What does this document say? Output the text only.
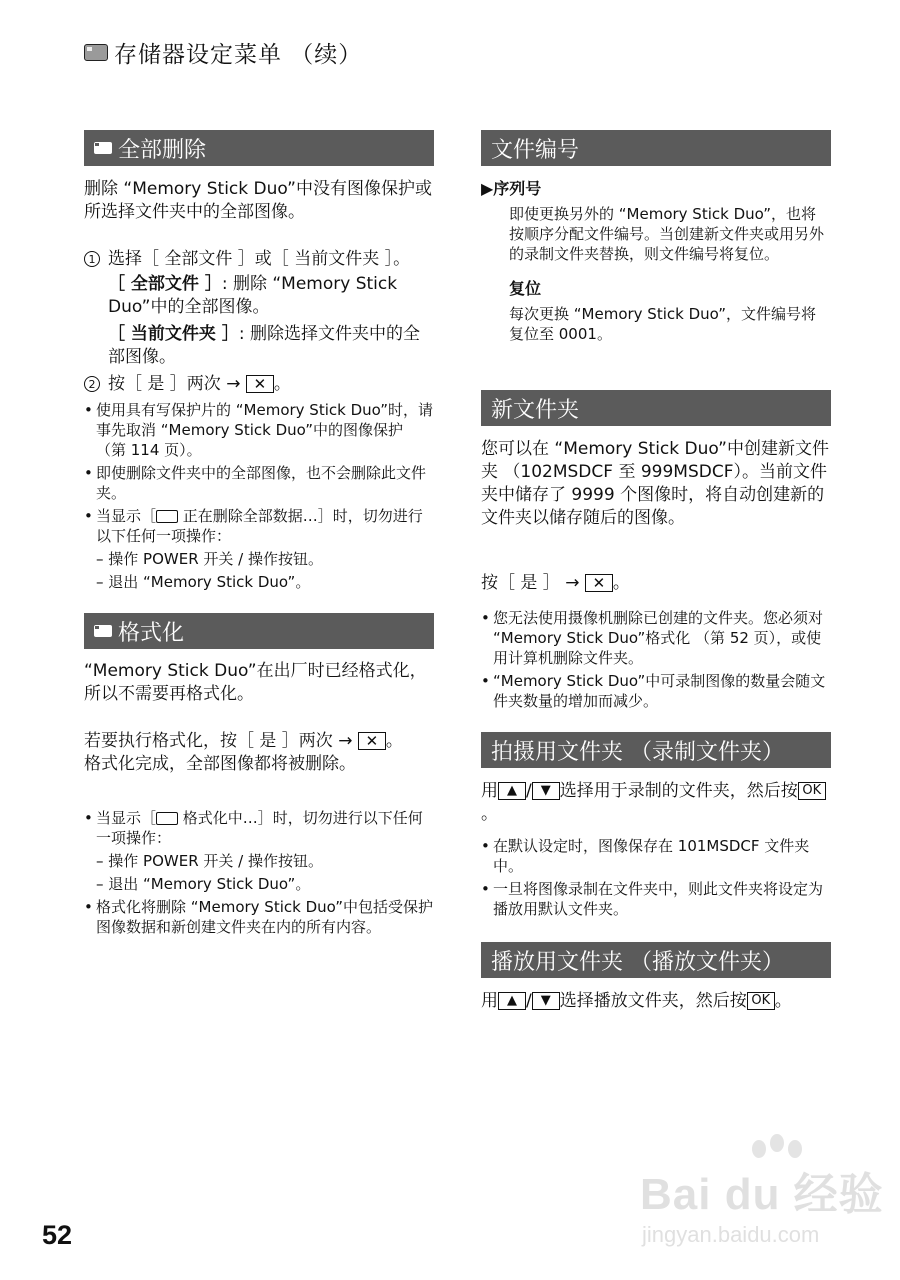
存储器设定菜单 （续）
全部删除
删除 “Memory Stick Duo”中没有图像保护或所选择文件夹中的全部图像。
1 选择［ 全部文件 ］或［ 当前文件夹 ］。
［ 全部文件 ］: 删除 “Memory Stick Duo”中的全部图像。
［ 当前文件夹 ］: 删除选择文件夹中的全部图像。
2 按［ 是 ］两次 → ✕ 。
• 使用具有写保护片的 “Memory Stick Duo”时，请事先取消 “Memory Stick Duo”中的图像保护 （第 114 页）。
• 即使删除文件夹中的全部图像，也不会删除此文件夹。
• 当显示［ 正在删除全部数据…］时，切勿进行以下任何一项操作：
– 操作 POWER 开关 / 操作按钮。
– 退出 “Memory Stick Duo”。
格式化
“Memory Stick Duo”在出厂时已经格式化，所以不需要再格式化。
若要执行格式化，按［ 是 ］两次 → ✕ 。
格式化完成，全部图像都将被删除。
• 当显示［ 格式化中…］时，切勿进行以下任何一项操作：
– 操作 POWER 开关 / 操作按钮。
– 退出 “Memory Stick Duo”。
• 格式化将删除 “Memory Stick Duo”中包括受保护图像数据和新创建文件夹在内的所有内容。
文件编号
▶序列号
即使更换另外的 “Memory Stick Duo”，也将按顺序分配文件编号。当创建新文件夹或用另外的录制文件夹替换，则文件编号将复位。
复位
每次更换 “Memory Stick Duo”，文件编号将复位至 0001。
新文件夹
您可以在 “Memory Stick Duo”中创建新文件夹 （102MSDCF 至 999MSDCF）。当前文件夹中储存了 9999 个图像时，将自动创建新的文件夹以储存随后的图像。
按［ 是 ］ → ✕ 。
• 您无法使用摄像机删除已创建的文件夹。您必须对 “Memory Stick Duo”格式化 （第 52 页），或使用计算机删除文件夹。
• “Memory Stick Duo”中可录制图像的数量会随文件夹数量的增加而减少。
拍摄用文件夹 （录制文件夹）
用 ▲ / ▼ 选择用于录制的文件夹，然后按 OK。
• 在默认设定时，图像保存在 101MSDCF 文件夹中。
• 一旦将图像录制在文件夹中，则此文件夹将设定为播放用默认文件夹。
播放用文件夹 （播放文件夹）
用 ▲ / ▼ 选择播放文件夹，然后按 OK 。
52
Bai du 经验
jingyan.baidu.com
